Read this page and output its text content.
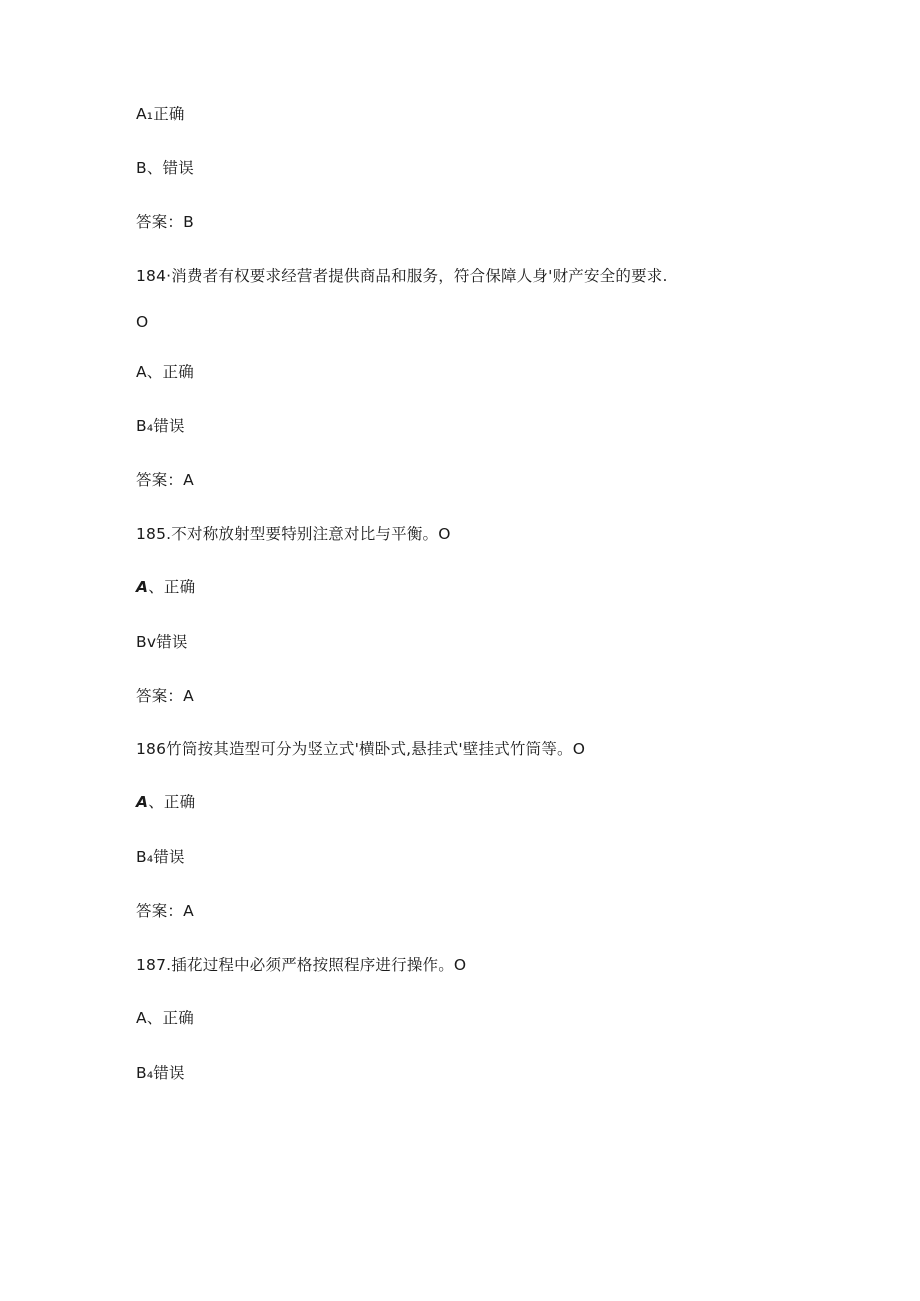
A₁正确
B、错误
答案：B
184·消费者有权要求经营者提供商品和服务，符合保障人身'财产安全的要求.
O
A、正确
B₄错误
答案：A
185.不对称放射型要特别注意对比与平衡。O
A、正确
Bv错误
答案：A
186竹筒按其造型可分为竖立式'横卧式,悬挂式'壁挂式竹筒等。O
A、正确
B₄错误
答案：A
187.插花过程中必须严格按照程序进行操作。O
A、正确
B₄错误
